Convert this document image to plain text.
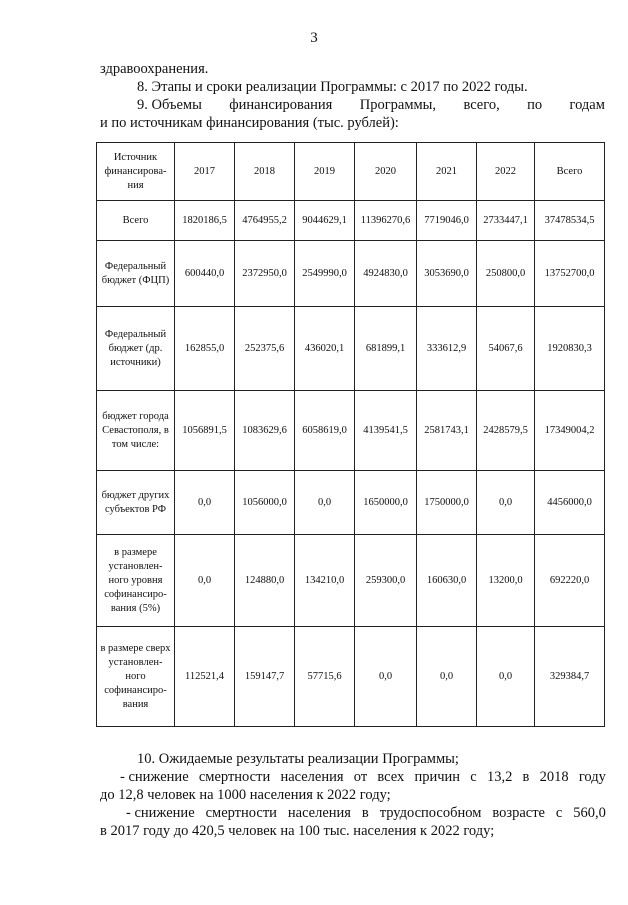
3
здравоохранения.
8. Этапы и сроки реализации Программы: с 2017 по 2022 годы.
9. Объемы финансирования Программы, всего, по годам
и по источникам финансирования (тыс. рублей):
Источник финансирова-ния	2017	2018	2019	2020	2021	2022	Всего
Всего	1820186,5	4764955,2	9044629,1	11396270,6	7719046,0	2733447,1	37478534,5
Федеральный бюджет (ФЦП)	600440,0	2372950,0	2549990,0	4924830,0	3053690,0	250800,0	13752700,0
Федеральный бюджет (др. источники)	162855,0	252375,6	436020,1	681899,1	333612,9	54067,6	1920830,3
бюджет города Севастополя, в том числе:	1056891,5	1083629,6	6058619,0	4139541,5	2581743,1	2428579,5	17349004,2
бюджет других субъектов РФ	0,0	1056000,0	0,0	1650000,0	1750000,0	0,0	4456000,0
в размере установлен-ного уровня софинансиро-вания (5%)	0,0	124880,0	134210,0	259300,0	160630,0	13200,0	692220,0
в размере сверх установлен-ного софинансиро-вания	112521,4	159147,7	57715,6	0,0	0,0	0,0	329384,7
10. Ожидаемые результаты реализации Программы;
- снижение смертности населения от всех причин с 13,2 в 2018 году
до 12,8 человек на 1000 населения к 2022 году;
- снижение смертности населения в трудоспособном возрасте с 560,0
в 2017 году до 420,5 человек на 100 тыс. населения к 2022 году;
